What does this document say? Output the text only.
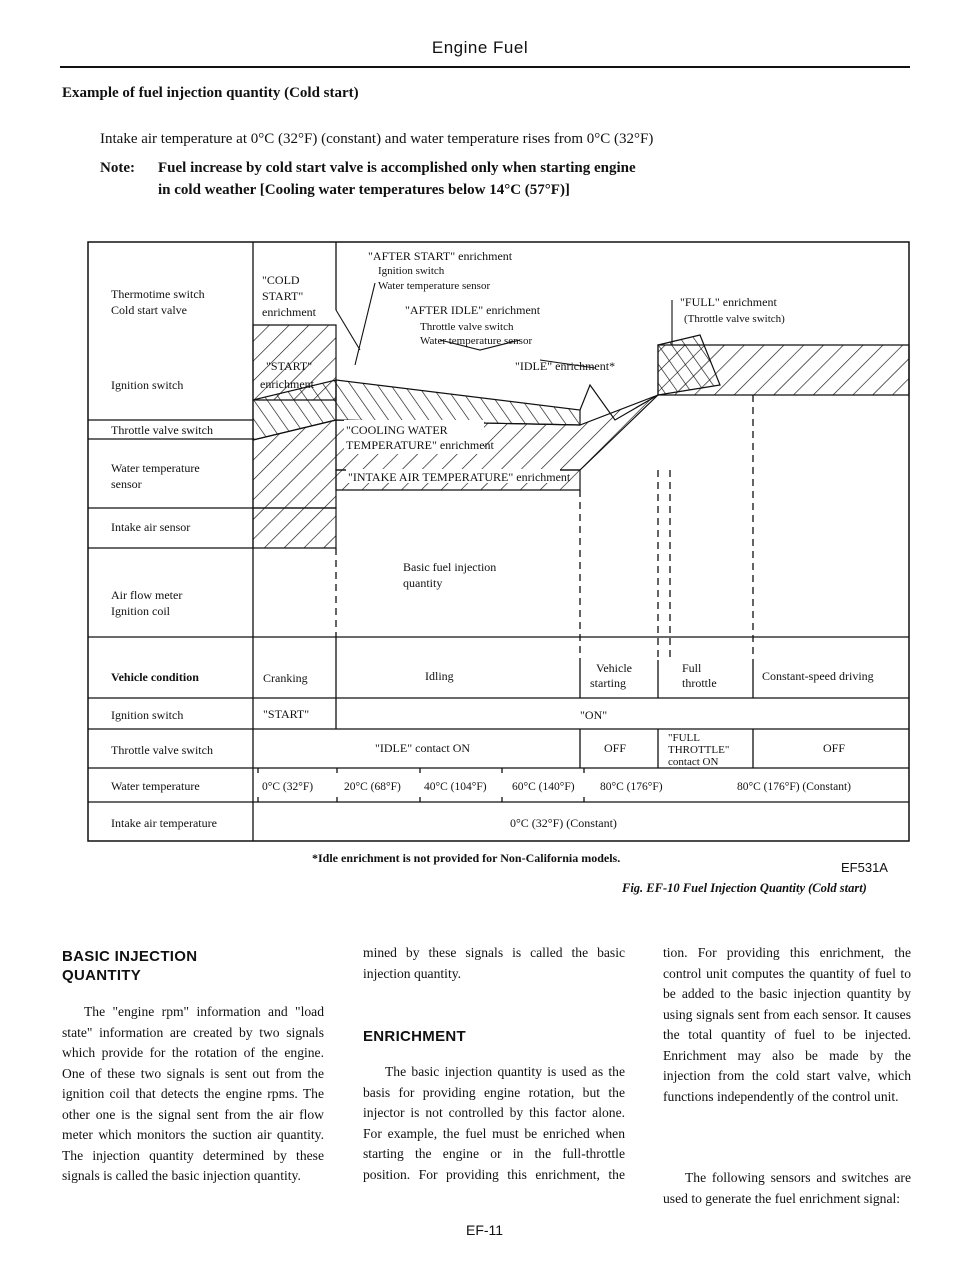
Engine Fuel
Example of fuel injection quantity (Cold start)
Intake air temperature at 0°C (32°F) (constant) and water temperature rises from 0°C (32°F)
Note: Fuel increase by cold start valve is accomplished only when starting engine
in cold weather [Cooling water temperatures below 14°C (57°F)]
Thermotime switch
Cold start valve
Ignition switch
Throttle valve switch
Water temperature
sensor
Intake air sensor
Air flow meter
Ignition coil
"COLD
START"
enrichment
"START"
enrichment
"AFTER START" enrichment
Ignition switch
Water temperature sensor
"AFTER IDLE" enrichment
Throttle valve switch
Water temperature sensor
"IDLE" enrichment*
"FULL" enrichment
(Throttle valve switch)
"COOLING WATER
TEMPERATURE" enrichment
"INTAKE AIR TEMPERATURE" enrichment
Basic fuel injection
quantity
Vehicle condition	Cranking	Idling
Vehicle
starting
Full
throttle	Constant-speed driving
Ignition switch	"START"	"ON"
Throttle valve switch	"IDLE" contact ON	OFF
"FULL
THROTTLE"
contact ON
OFF
Water temperature	0°C (32°F)	20°C (68°F) 40°C (104°F) 60°C (140°F) 80°C (176°F)	80°C (176°F) (Constant)
Intake air temperature	0°C (32°F) (Constant)
*Idle enrichment is not provided for Non-California models.
EF531A
Fig. EF-10 Fuel Injection Quantity (Cold start)
BASIC INJECTION
QUANTITY

The "engine rpm" information and "load state" information are created by two signals which provide for the rotation of the engine. One of these two signals is sent out from the ignition coil that detects the engine rpms. The other one is the signal sent from the air flow meter which monitors the suction air quantity. The injection quantity determined by these signals is called the basic injection quantity.

mined by these signals is called the basic injection quantity.

ENRICHMENT

The basic injection quantity is used as the basis for providing engine rotation, but the injector is not controlled by this factor alone. For example, the fuel must be enriched when starting the engine or in the full-throttle position. For providing this enrichment, the

tion. For providing this enrichment, the control unit computes the quantity of fuel to be added to the basic injection quantity by using signals sent from each sensor. It causes the total quantity of fuel to be injected. Enrichment may also be made by the injection from the cold start valve, which functions independently of the control unit.

The following sensors and switches are used to generate the fuel enrichment signal:

EF-11
